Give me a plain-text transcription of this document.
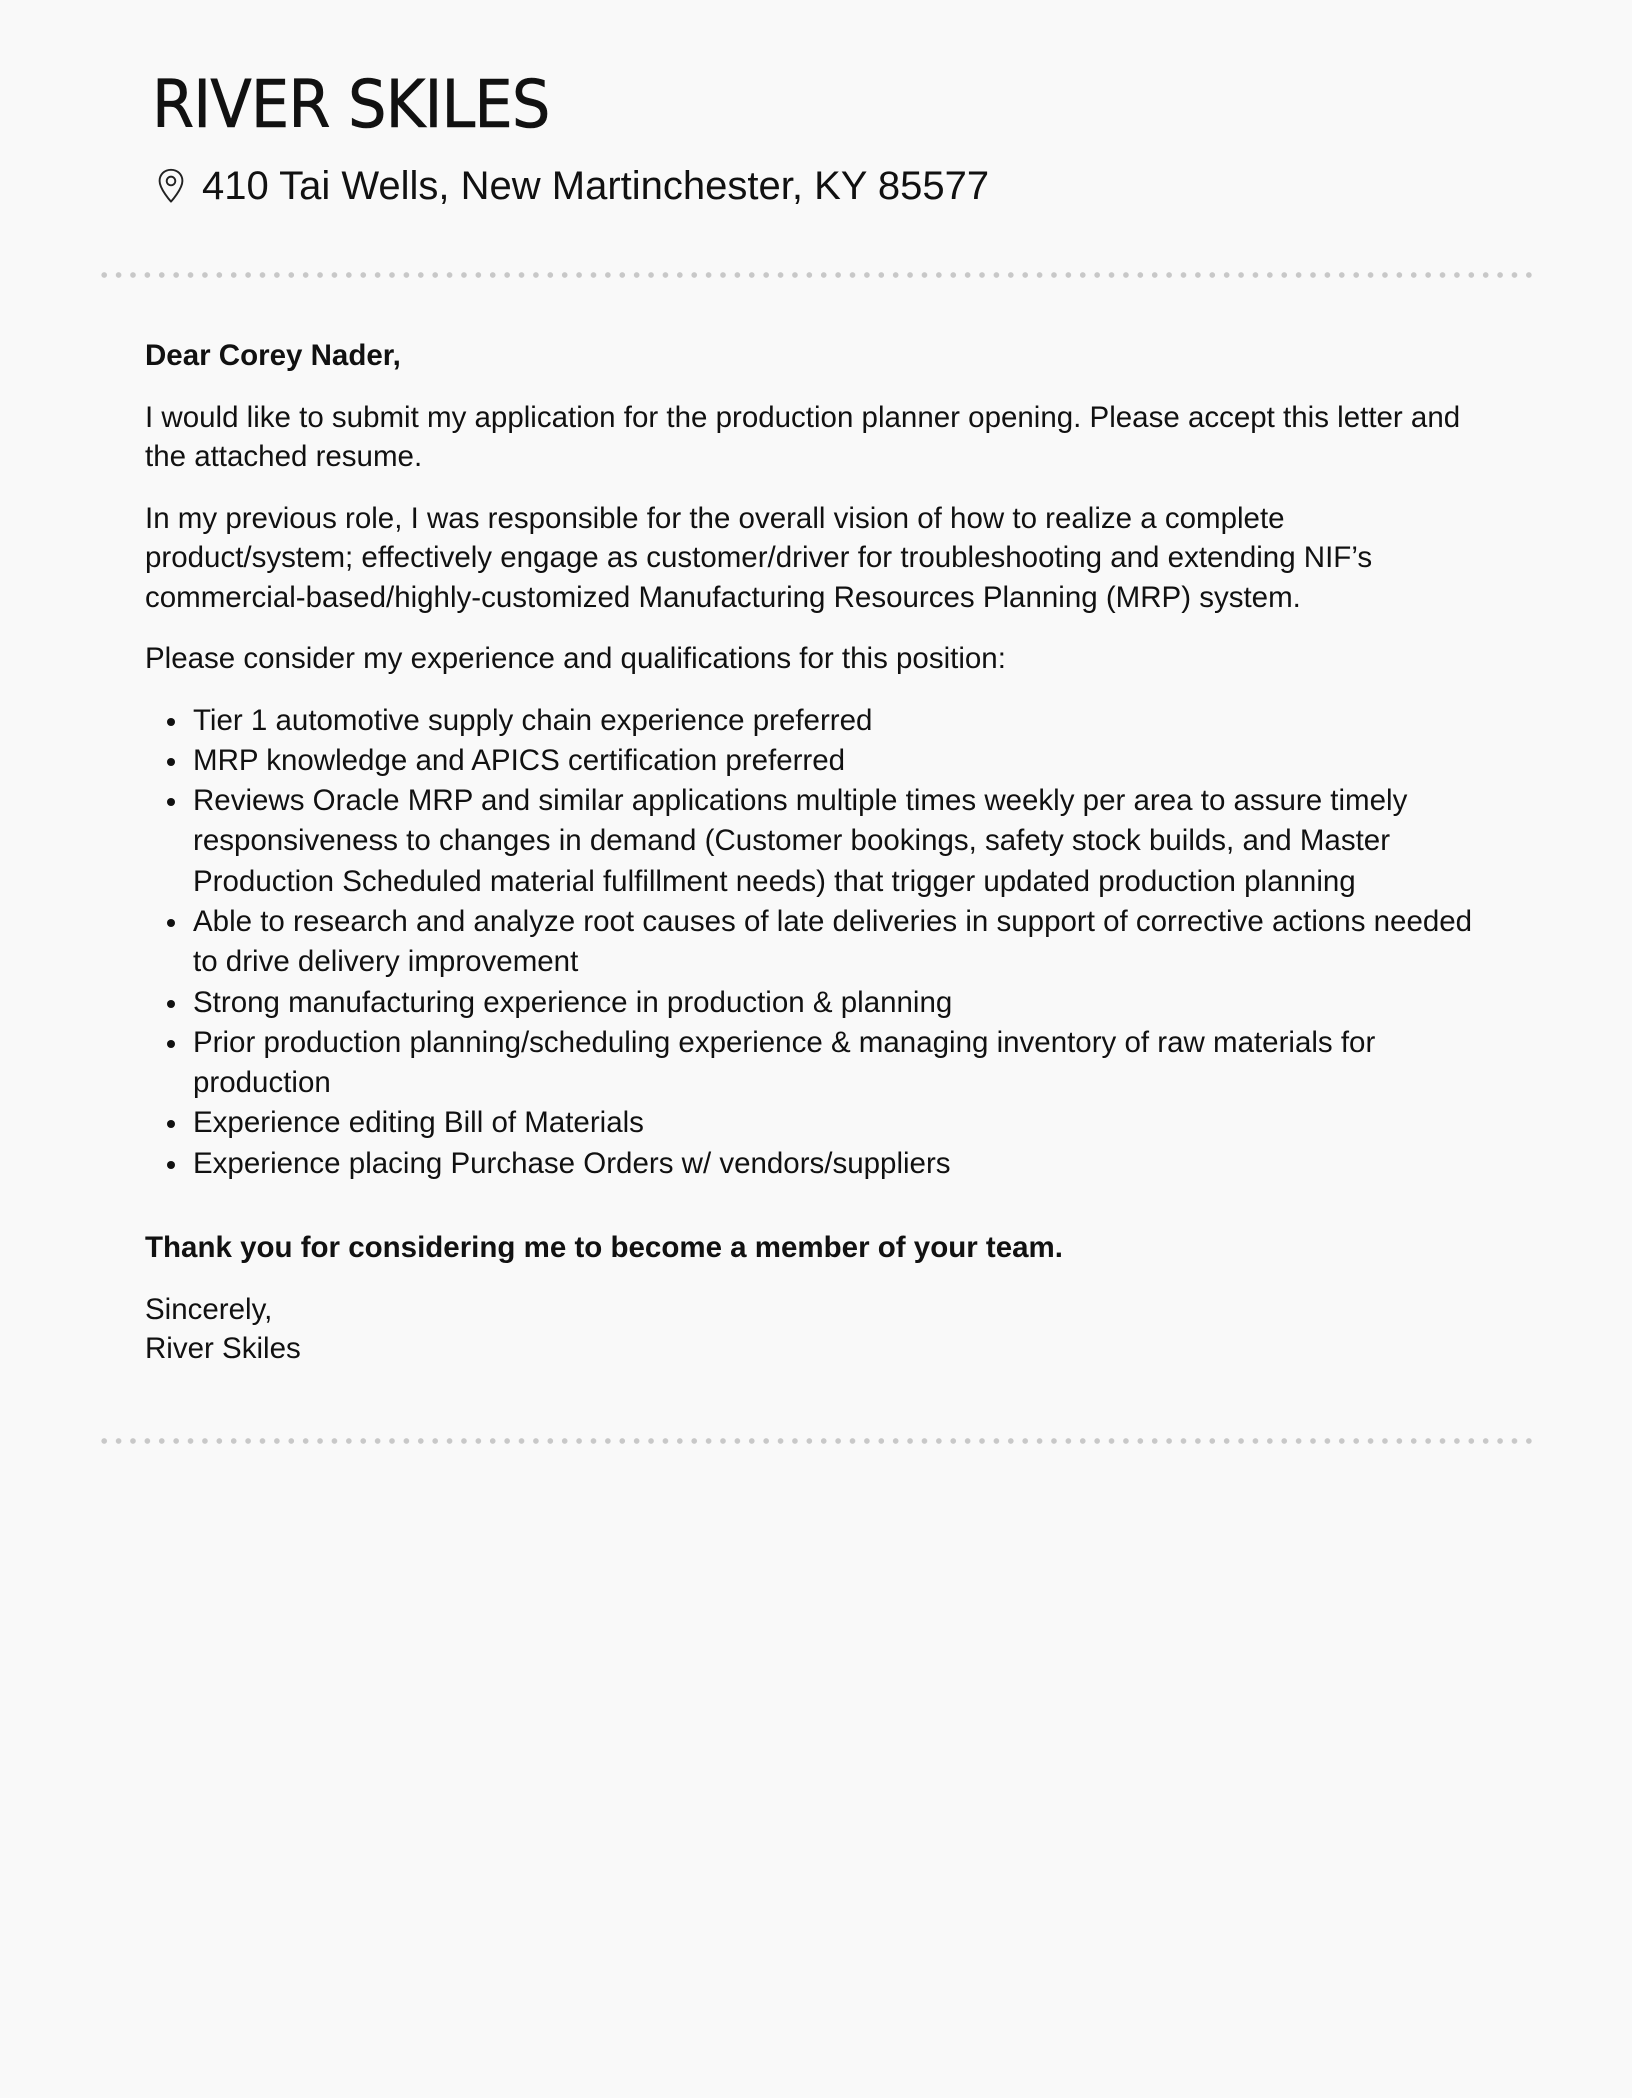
RIVER SKILES
410 Tai Wells, New Martinchester, KY 85577

Dear Corey Nader,

I would like to submit my application for the production planner opening. Please accept this letter and the attached resume.

In my previous role, I was responsible for the overall vision of how to realize a complete product/system; effectively engage as customer/driver for troubleshooting and extending NIF’s commercial-based/highly-customized Manufacturing Resources Planning (MRP) system.

Please consider my experience and qualifications for this position:

Tier 1 automotive supply chain experience preferred
MRP knowledge and APICS certification preferred
Reviews Oracle MRP and similar applications multiple times weekly per area to assure timely responsiveness to changes in demand (Customer bookings, safety stock builds, and Master Production Scheduled material fulfillment needs) that trigger updated production planning
Able to research and analyze root causes of late deliveries in support of corrective actions needed to drive delivery improvement
Strong manufacturing experience in production & planning
Prior production planning/scheduling experience & managing inventory of raw materials for production
Experience editing Bill of Materials
Experience placing Purchase Orders w/ vendors/suppliers

Thank you for considering me to become a member of your team.

Sincerely,
River Skiles
